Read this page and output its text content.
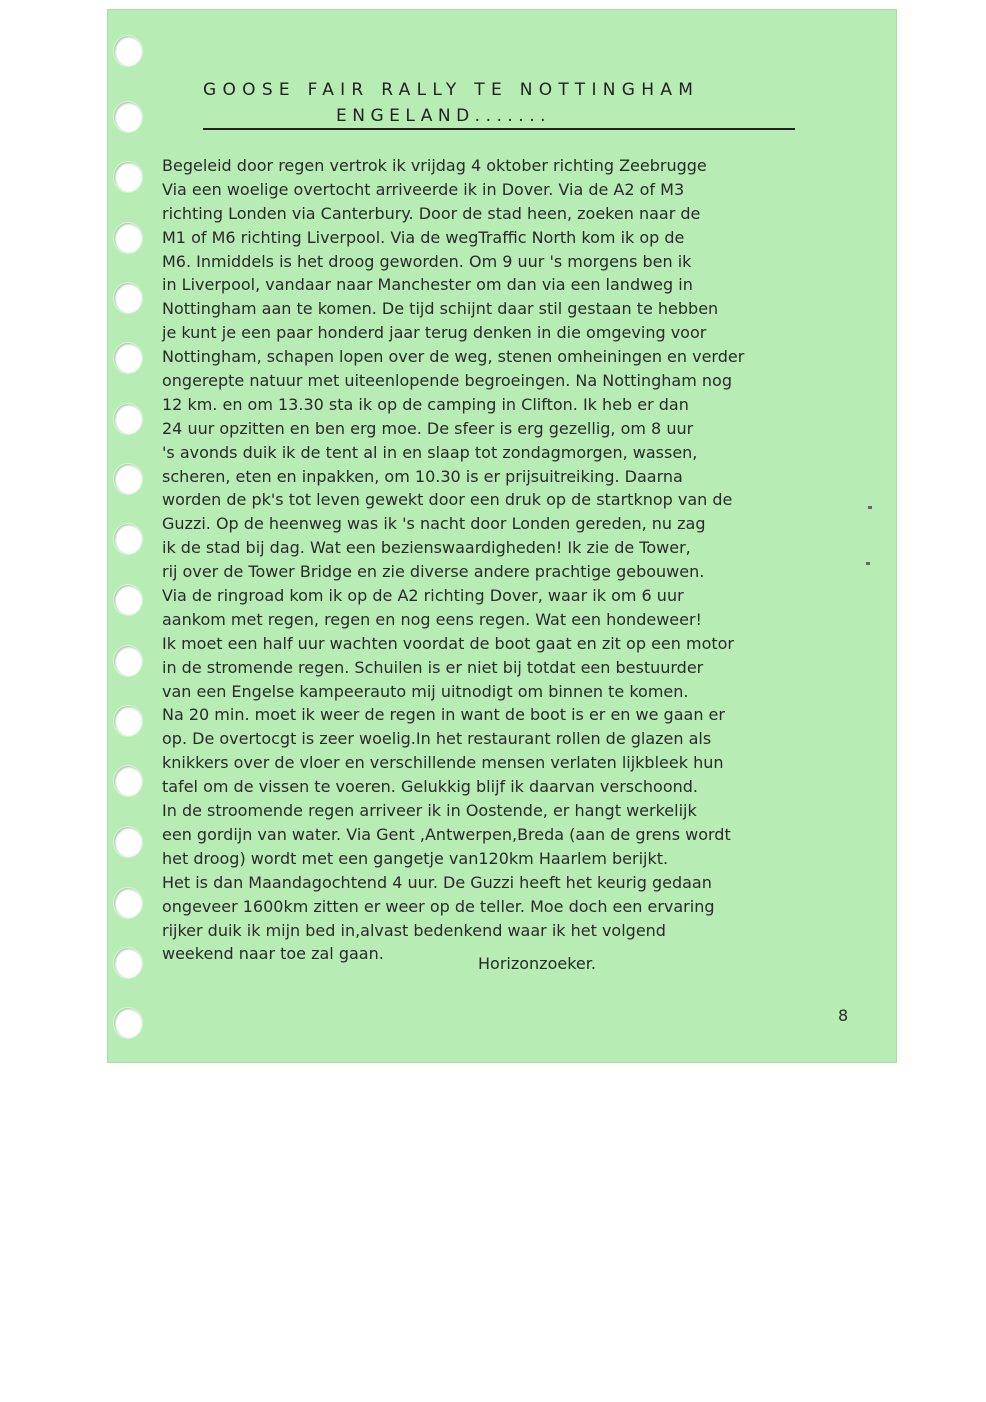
GOOSE FAIR RALLY TE NOTTINGHAM
ENGELAND.......
Begeleid door regen vertrok ik vrijdag 4 oktober richting Zeebrugge
Via een woelige overtocht arriveerde ik in Dover. Via de A2 of M3
richting Londen via Canterbury. Door de stad heen, zoeken naar de
M1 of M6 richting Liverpool. Via de wegTraffic North kom ik op de
M6. Inmiddels is het droog geworden. Om 9 uur 's morgens ben ik
in Liverpool, vandaar naar Manchester om dan via een landweg in
Nottingham aan te komen. De tijd schijnt daar stil gestaan te hebben
je kunt je een paar honderd jaar terug denken in die omgeving voor
Nottingham, schapen lopen over de weg, stenen omheiningen en verder
ongerepte natuur met uiteenlopende begroeingen. Na Nottingham nog
12 km. en om 13.30 sta ik op de camping in Clifton. Ik heb er dan
24 uur opzitten en ben erg moe. De sfeer is erg gezellig, om 8 uur
's avonds duik ik de tent al in en slaap tot zondagmorgen, wassen,
scheren, eten en inpakken, om 10.30 is er prijsuitreiking. Daarna
worden de pk's tot leven gewekt door een druk op de startknop van de
Guzzi. Op de heenweg was ik 's nacht door Londen gereden, nu zag
ik de stad bij dag. Wat een bezienswaardigheden! Ik zie de Tower,
rij over de Tower Bridge en zie diverse andere prachtige gebouwen.
Via de ringroad kom ik op de A2 richting Dover, waar ik om 6 uur
aankom met regen, regen en nog eens regen. Wat een hondeweer!
Ik moet een half uur wachten voordat de boot gaat en zit op een motor
in de stromende regen. Schuilen is er niet bij totdat een bestuurder
van een Engelse kampeerauto mij uitnodigt om binnen te komen.
Na 20 min. moet ik weer de regen in want de boot is er en we gaan er
op. De overtocgt is zeer woelig.In het restaurant rollen de glazen als
knikkers over de vloer en verschillende mensen verlaten lijkbleek hun
tafel om de vissen te voeren. Gelukkig blijf ik daarvan verschoond.
In de stroomende regen arriveer ik in Oostende, er hangt werkelijk
een gordijn van water. Via Gent ,Antwerpen,Breda (aan de grens wordt
het droog) wordt met een gangetje van120km Haarlem berijkt.
Het is dan Maandagochtend 4 uur. De Guzzi heeft het keurig gedaan
ongeveer 1600km zitten er weer op de teller. Moe doch een ervaring
rijker duik ik mijn bed in,alvast bedenkend waar ik het volgend
weekend naar toe zal gaan.
Horizonzoeker.
8
